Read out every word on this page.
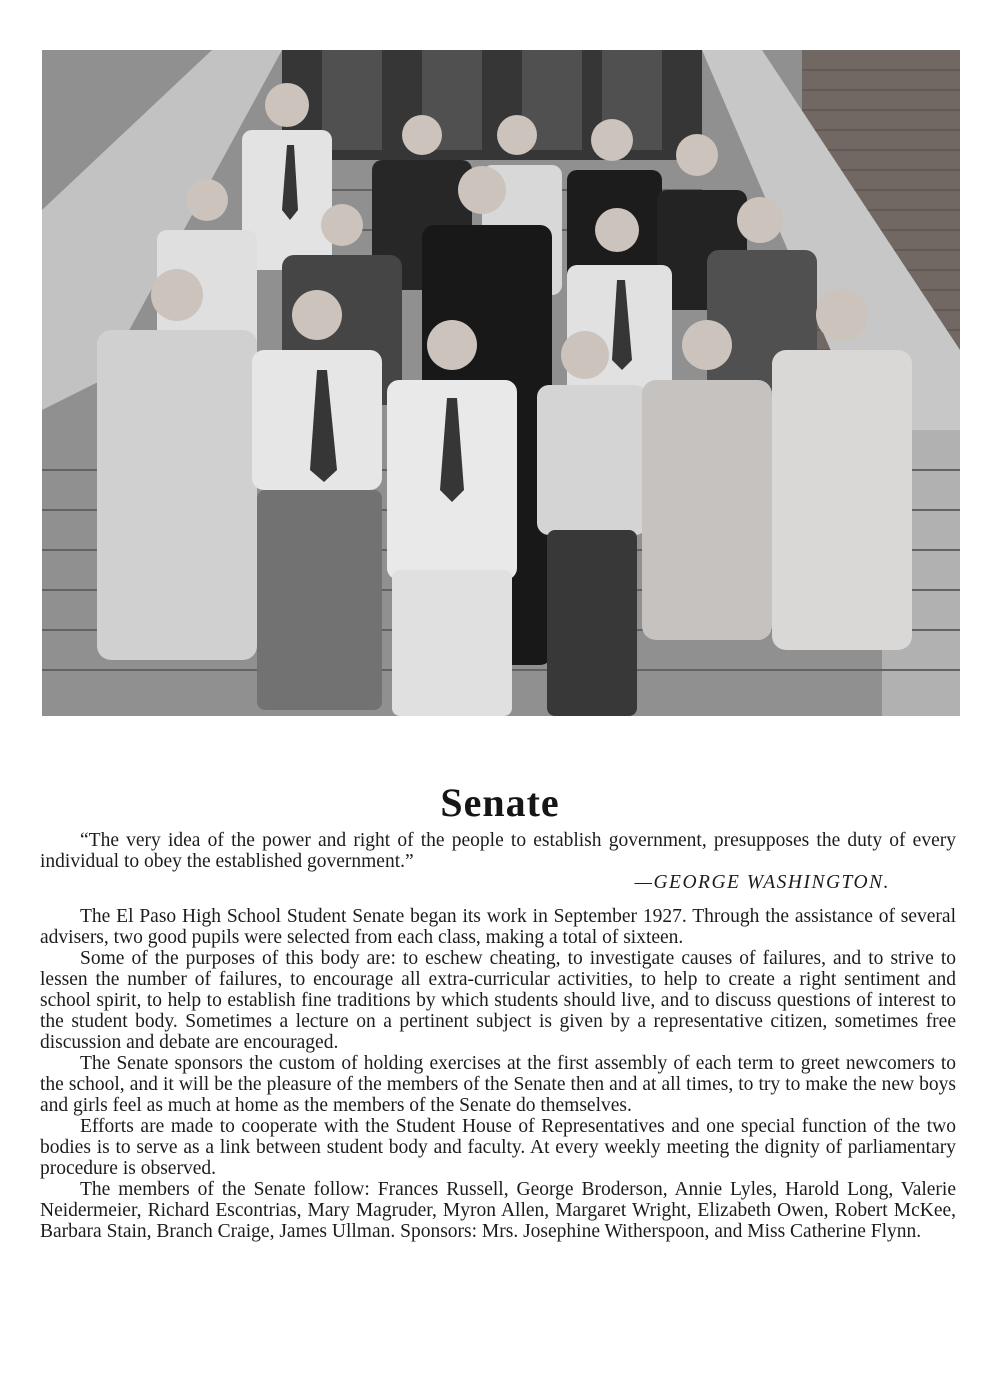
Senate

“The very idea of the power and right of the people to establish government, presupposes the duty of every individual to obey the established government.”

—GEORGE WASHINGTON.

The El Paso High School Student Senate began its work in September 1927. Through the assistance of several advisers, two good pupils were selected from each class, making a total of sixteen.

Some of the purposes of this body are: to eschew cheating, to investigate causes of failures, and to strive to lessen the number of failures, to encourage all extra-curricular activities, to help to create a right sentiment and school spirit, to help to establish fine traditions by which students should live, and to discuss questions of interest to the student body. Sometimes a lecture on a pertinent subject is given by a representative citizen, sometimes free discussion and debate are encouraged.

The Senate sponsors the custom of holding exercises at the first assembly of each term to greet newcomers to the school, and it will be the pleasure of the members of the Senate then and at all times, to try to make the new boys and girls feel as much at home as the members of the Senate do themselves.

Efforts are made to cooperate with the Student House of Representatives and one special function of the two bodies is to serve as a link between student body and faculty. At every weekly meeting the dignity of parliamentary procedure is observed.

The members of the Senate follow: Frances Russell, George Broderson, Annie Lyles, Harold Long, Valerie Neidermeier, Richard Escontrias, Mary Magruder, Myron Allen, Margaret Wright, Elizabeth Owen, Robert McKee, Barbara Stain, Branch Craige, James Ullman. Sponsors: Mrs. Josephine Witherspoon, and Miss Catherine Flynn.
